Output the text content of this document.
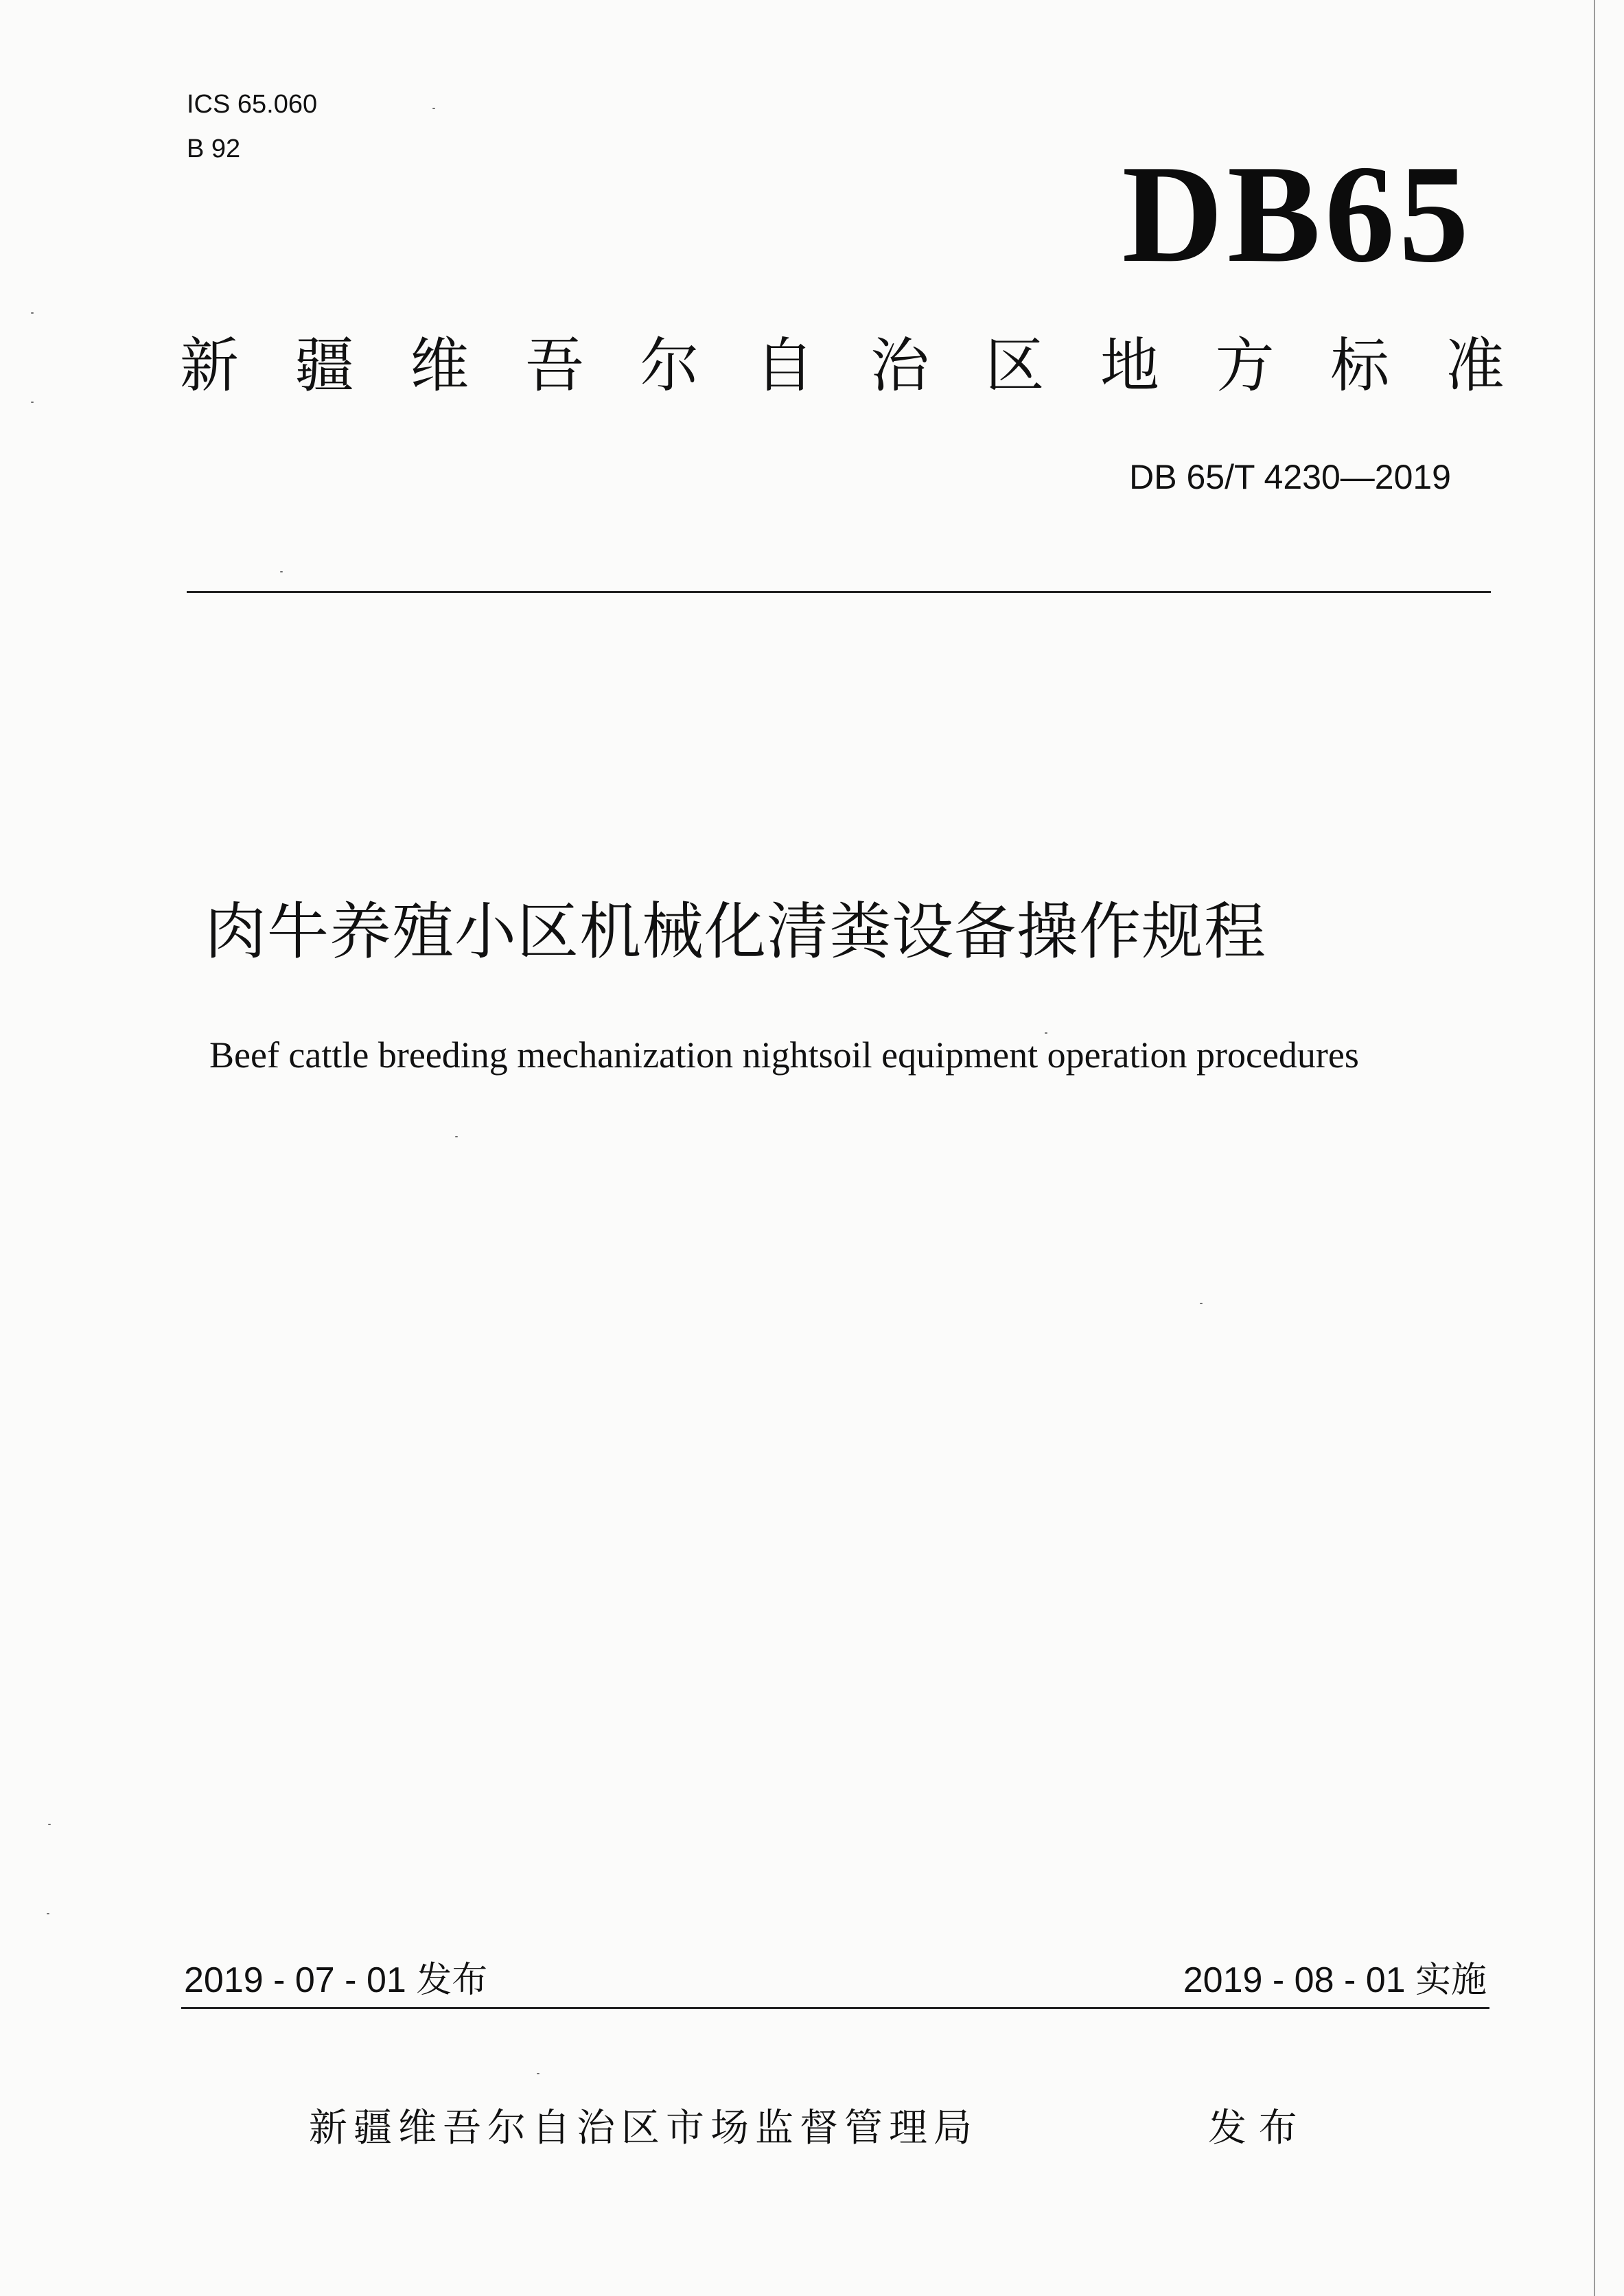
ICS 65.060
B 92	DB65
新 疆 维 吾 尔 自 治 区 地 方 标 准
DB 65/T 4230—2019
肉牛养殖小区机械化清粪设备操作规程
Beef cattle breeding mechanization nightsoil equipment operation procedures
2019 - 07 - 01 发布	2019 - 08 - 01 实施
新疆维吾尔自治区市场监督管理局	发 布
